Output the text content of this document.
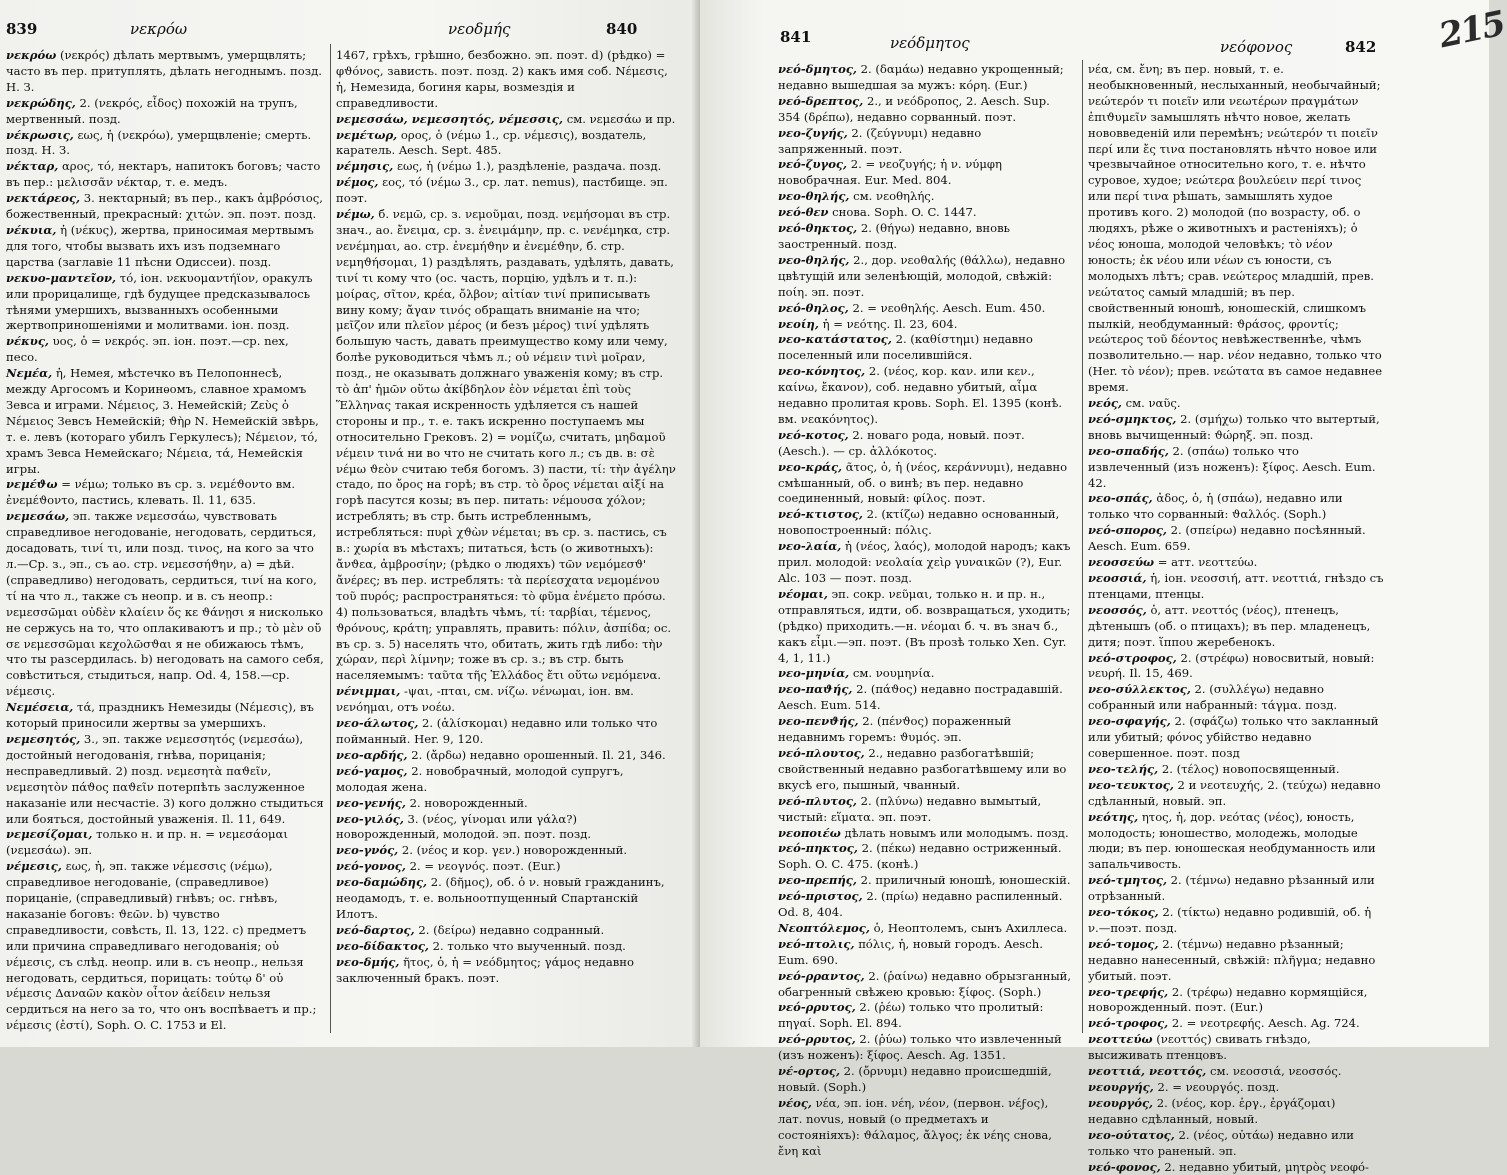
839	νεκρόω	νεοδμής	840

νεκρόω (νεκρός) дѣлать мертвымъ, умерщвлять; часто въ пер. притуплять, дѣлать негоднымъ. позд. Н. З.

νεκρώδης, 2. (νεκρός, εἶδος) похожій на трупъ, мертвенный. позд.

νέκρωσις, εως, ἡ (νεκρόω), умерщвленіе; смерть. позд. Н. З.

νέκταρ, αρος, τό, нектаръ, напитокъ боговъ; часто въ пер.: μελισσᾶν νέκταρ, т. е. медъ.

νεκτάρεος, 3. некταрный; въ пер., какъ ἀμβρόσιος, божественный, прекрасный: χιτών. эп. поэт. позд.

νέκυια, ἡ (νέκυς), жертва, приносимая мертвымъ для того, чтобы вызвать ихъ изъ подземнаго царства (заглавіе 11 пѣсни Одиссеи). позд.

νεκυο-μαντεῖον, τό, іон. νεκυομαντήϊον, оракулъ или прорицалище, гдѣ будущее предсказывалось тѣнями умершихъ, вызванныхъ особенными жертвоприношеніями и молитвами. іон. позд.

νέκυς, υος, ὁ = νεκρός. эп. іон. поэт.—ср. nex, песо.

Νεμέα, ἡ, Немея, мѣстечко въ Пелопоннесѣ, между Аргосомъ и Коринѳомъ, славное храмомъ Зевса и играми. Νέμειος, 3. Немейскій; Ζεὺς ὁ Νέμειος Зевсъ Немейскій; ϑὴρ Ν. Немейскій звѣрь, т. е. левъ (котораго убилъ Геркулесъ); Νέμειον, τό, храмъ Зевса Немейскаго; Νέμεια, τά, Немейскія игры.

νεμέϑω = νέμω; только въ ср. з. νεμέϑοντο вм. ἐνεμέϑοντο, пастись, клевать. Il. 11, 635.

νεμεσάω, эп. также νεμεσσάω, чувствовать справедливое негодованіе, негодовать, сердиться, досадовать, τινί τι, или позд. τινος, на кого за что л.—Ср. з., эп., съ ао. стр. νεμεσσήϑην, a) = дѣй. (справедливо) негодовать, сердиться, τινί на кого, τί на что л., также съ неопр. и в. съ неопр.: νεμεσσῶμαι οὐδὲν κλαίειν ὅς κε ϑάνῃσι я нисколько не сержусь на то, что оплакиваютъ и пр.; τὸ μὲν οὔ σε νεμεσσῶμαι κεχολῶσϑαι я не обижаюсь тѣмъ, что ты разсердилась. b) негодовать на самого себя, совѣститься, стыдиться, напр. Od. 4, 158.—ср. νέμεσις.

Νεμέσεια, τά, праздникъ Немезиды (Νέμεσις), въ который приносили жертвы за умершихъ.

νεμεσητός, 3., эп. также νεμεσσητός (νεμεσάω), достойный негодованія, гнѣва, порицанія; несправедливый. 2) позд. νεμεσητὰ παϑεῖν, νεμεσητὸν πάϑος παϑεῖν потерпѣть заслуженное наказаніе или несчастіе. 3) кого должно стыдиться или бояться, достойный уваженія. Il. 11, 649.

νεμεσίζομαι, только н. и пр. н. = νεμεσάομαι (νεμεσάω). эп.

νέμεσις, εως, ἡ, эп. также νέμεσσις (νέμω), справедливое негодованіе, (справедливое) порицаніе, (справедливый) гнѣвъ; ос. гнѣвъ, наказаніе боговъ: ϑεῶν. b) чувство справедливости, совѣсть, Il. 13, 122. c) предметъ или причина справедливаго негодованія; οὐ νέμεσις, съ слѣд. неопр. или в. съ неопр., нельзя негодовать, сердиться, порицать: τούτῳ δ' οὐ νέμεσις Δαναῶν κακὸν οἶτον ἀείδειν нельзя сердиться на него за то, что онъ воспѣваетъ и пр.; νέμεσις (ἐστί), Soph. O. C. 1753 и El.

1467, грѣхъ, грѣшно, безбожно. эп. поэт. d) (рѣдко) = φϑόνος, зависть. поэт. позд. 2) какъ имя соб. Νέμεσις, ἡ, Немезида, богиня кары, возмездія и справедливости.

νεμεσσάω, νεμεσσητός, νέμεσσις, см. νεμεσάω и пр.

νεμέτωρ, ορος, ὁ (νέμω 1., ср. νέμεσις), воздатель, каратель. Aesch. Sept. 485.

νέμησις, εως, ἡ (νέμω 1.), раздѣленіе, раздача. позд.

νέμος, εος, τό (νέμω 3., ср. лат. nemus), пастбище. эп. поэт.

νέμω, б. νεμῶ, ср. з. νεμοῦμαι, позд. νεμήσομαι въ стр. знач., ао. ἔνειμα, ср. з. ἐνειμάμην, пр. с. νενέμηκα, стр. νενέμημαι, ао. стр. ἐνεμήϑην и ἐνεμέϑην, б. стр. νεμηϑήσομαι, 1) раздѣлять, раздавать, удѣлять, давать, τινί τι кому что (ос. часть, порцію, удѣлъ и т. п.): μοίρας, σῖτον, κρέα, ὄλβον; αἰτίαν τινί приписывать вину кому; ἄγαν τινός обращать вниманіе на что; μεῖζον или πλεῖον μέρος (и безъ μέρος) τινί удѣлять большую часть, давать преимущество кому или чему, болѣе руководиться чѣмъ л.; οὐ νέμειν τινὶ μοῖραν, позд., не оказывать должнаго уваженія кому; въ стр. τὸ ἀπ' ἡμῶν οὕτω ἀκίβδηλον ἐὸν νέμεται ἐπὶ τοὺς Ἕλληνας такая искренность удѣляется съ нашей стороны и пр., т. е. такъ искренно поступаемъ мы относительно Грековъ. 2) = νομίζω, считать, μηδαμοῦ νέμειν τινά ни во что не считать кого л.; съ дв. в: σὲ νέμω ϑεὸν считаю тебя богомъ. 3) пасти, τί: τὴν ἀγέλην стадо, по ὄρος на горѣ; въ стр. τὸ ὄρος νέμεται αἰξί на горѣ пасутся козы; въ пер. питать: νέμουσα χόλον; истреблять; въ стр. быть истребленнымъ, истребляться: πυρὶ χϑὼν νέμεται; въ ср. з. пастись, съ в.: χωρία въ мѣстахъ; питаться, ѣсть (о животныхъ): ἄνϑεα, ἀμβροσίην; (рѣдко о людяхъ) τῶν νεμόμεσϑ' ἄνέρες; въ пер. истреблять: τὰ περίεσχατα νεμομένου τοῦ πυρός; распространяться: τὸ φῦμα ἐνέμετο πρόσω. 4) пользоваться, владѣть чѣмъ, τί: ταρβίαι, τέμενος, ϑρόνους, κράτη; управлять, править: πόλιν, ἀσπίδα; ос. въ ср. з. 5) населять что, обитать, жить гдѣ либо: τὴν χώραν, περὶ λίμνην; тоже въ ср. з.; въ стр. быть населяемымъ: ταῦτα τῆς Ἑλλάδος ἔτι οὕτω νεμόμενα.

νένιμμαι, -ψαι, -πται, см. νίζω. νένωμαι, іон. вм. νενόημαι, отъ νοέω.

νεο-άλωτος, 2. (ἁλίσκομαι) недавно или только что пойманный. Her. 9, 120.

νεο-αρδής, 2. (ἄρδω) недавно орошенный. Il. 21, 346.

νεό-γαμος, 2. новобрачный, молодой супругъ, молодая жена.

νεο-γενής, 2. новорожденный.

νεο-γιλός, 3. (νέος, γίνομαι или γάλα?) новорожденный, молодой. эп. поэт. позд.

νεο-γνός, 2. (νέος и кор. γεν.) новорожденный.

νεό-γονος, 2. = νεογνός. поэт. (Eur.)

νεο-δαμώδης, 2. (δῆμος), об. ὁ ν. новый гражданинъ, неодамодъ, т. е. вольноотпущенный Спартанскій Илотъ.

νεό-δαρτος, 2. (δείρω) недавно содранный.

νεο-δίδακτος, 2. только что выученный. позд.

νεο-δμής, ῆτος, ὁ, ἡ = νεόδμητος; γάμος недавно заключенный бракъ. поэт.

841	νεόδμητος	νεόφονος	842

νεό-δμητος, 2. (δαμάω) недавно укрощенный; недавно вышедшая за мужъ: κόρη. (Eur.)

νεό-δρεπτος, 2., и νεόδροπος, 2. Aesch. Sup. 354 (δρέπω), недавно сорванный. поэт.

νεο-ζυγής, 2. (ζεύγνυμι) недавно запряженный. поэт.

νεό-ζυγος, 2. = νεοζυγής; ἡ ν. νύμφη новобрачная. Eur. Med. 804.

νεο-θηλής, см. νεοθηλής.

νεό-θεν снова. Soph. O. C. 1447.

νεό-θηκτος, 2. (θήγω) недавно, вновь заостренный. позд.

νεο-θηλής, 2., дор. νεοθαλής (θάλλω), недавно цвѣтущій или зеленѣющій, молодой, свѣжій: ποίη. эп. поэт.

νεό-θηλος, 2. = νεοθηλής. Aesch. Eum. 450.

νεοίη, ἡ = νεότης. Il. 23, 604.

νεο-κατάστατος, 2. (καθίστημι) недавно поселенный или поселившійся.

νεο-κόνητος, 2. (νέος, кор. καν. или κεν., καίνω, ἔκανον), соб. недавно убитый, αἷμα недавно пролитая кровь. Soph. El. 1395 (конѣ. вм. νεακόνητος).

νεό-κοτος, 2. новаго рода, новый. поэт. (Aesch.). — ср. ἀλλόκοτος.

νεο-κράς, ᾶτος, ὁ, ἡ (νέος, κεράννυμι), недавно смѣшанный, об. о винѣ; въ пер. недавно соединенный, новый: φίλος. поэт.

νεό-κτιστος, 2. (κτίζω) недавно основанный, новопостроенный: πόλις.

νεο-λαία, ἡ (νέος, λαός), молодой народъ; какъ прил. молодой: νεολαία χεὶρ γυναικῶν (?), Eur. Alc. 103 — поэт. позд.

νέομαι, эп. сокр. νεῦμαι, только н. и пр. н., отправляться, идти, об. возвращаться, уходить; (рѣдко) приходить.—н. νέομαι б. ч. въ знач б., какъ εἶμι.—эп. поэт. (Въ прозѣ только Xen. Cyr. 4, 1, 11.)

νεο-μηνία, см. νουμηνία.

νεο-παϑής, 2. (πάϑος) недавно пострадавшій. Aesch. Eum. 514.

νεο-πενϑής, 2. (πένϑος) пораженный недавнимъ горемъ: ϑυμός. эп.

νεό-πλουτος, 2., недавно разбогатѣвшій; свойственный недавно разбогатѣвшему или во вкусѣ его, пышный, чванный.

νεό-πλυτος, 2. (πλύνω) недавно вымытый, чистый: εἵματα. эп. поэт.

νεοποιέω дѣлать новымъ или молодымъ. позд.

νεό-πηκτος, 2. (πέκω) недавно остриженный. Soph. O. C. 475. (конѣ.)

νεο-πρεπής, 2. приличный юношѣ, юношескій.

νεό-πριστος, 2. (πρίω) недавно распиленный. Od. 8, 404.

Νεοπτόλεμος, ὁ, Неоптолемъ, сынъ Ахиллеса.

νεό-πτολις, πόλις, ἡ, новый городъ. Aesch. Eum. 690.

νεό-ρραντος, 2. (ῥαίνω) недавно обрызганный, обагренный свѣжею кровью: ξίφος. (Soph.)

νεό-ρρυτος, 2. (ῥέω) только что пролитый: πηγαί. Soph. El. 894.

νεό-ρρυτος, 2. (ῥύω) только что извлеченный (изъ ноженъ): ξίφος. Aesch. Ag. 1351.

νέ-ορτος, 2. (ὄρνυμι) недавно происшедшій, новый. (Soph.)

νέος, νέα, эп. іон. νέη, νέον, (первон. νέϝος), лат. novus, новый (о предметахъ и состояніяхъ): ϑάλαμος, ἄλγος; ἐκ νέης снова, ἔνη καὶ

νέα, см. ἔνη; въ пер. новый, т. е. необыкновенный, неслыханный, необычайный; νεώτερόν τι ποιεῖν или νεωτέρων πραγμάτων ἐπιϑυμεῖν замышлять нѣчто новое, желать нововведеній или перемѣнъ; νεώτερόν τι ποιεῖν περί или ἔς τινα постановлять нѣчто новое или чрезвычайное относительно кого, т. е. нѣчто суровое, худое; νεώτερα βουλεύειν περί τινος или περί τινα рѣшать, замышлять худое противъ кого. 2) молодой (по возрасту, об. о людяхъ, рѣже о животныхъ и растеніяхъ); ὁ νέος юноша, молодой человѣкъ; τὸ νέον юность; ἐκ νέου или νέων съ юности, съ молодыхъ лѣтъ; срав. νεώτερος младшій, прев. νεώτατος самый младшій; въ пер. свойственный юношѣ, юношескій, слишкомъ пылкій, необдуманный: ϑράσος, φροντίς; νεώτερος τοῦ δέοντος невѣжественнѣе, чѣмъ позволительно.— нар. νέον недавно, только что (Her. τὸ νέον); прев. νεώτατα въ самое недавнее время.

νεός, см. ναῦς.

νεό-σμηκτος, 2. (σμήχω) только что вытертый, вновь вычищенный: ϑώρηξ. эп. позд.

νεο-σπαδής, 2. (σπάω) только что извлеченный (изъ ноженъ): ξίφος. Aesch. Eum. 42.

νεο-σπάς, ἀδος, ὁ, ἡ (σπάω), недавно или только что сорванный: ϑαλλός. (Soph.)

νεό-σπορος, 2. (σπείρω) недавно посѣянный. Aesch. Eum. 659.

νεοσσεύω = атт. νεοττεύω.

νεοσσιά, ἡ, іон. νεοσσιή, атт. νεοττιά, гнѣздо съ птенцами, птенцы.

νεοσσός, ὁ, атт. νεοττός (νέος), птенецъ, дѣтенышъ (об. о птицахъ); въ пер. младенецъ, дитя; поэт. ἵππου жеребенокъ.

νεό-στροφος, 2. (στρέφω) новосвитый, новый: νευρή. Il. 15, 469.

νεο-σύλλεκτος, 2. (συλλέγω) недавно собранный или набранный: τάγμα. позд.

νεο-σφαγής, 2. (σφάζω) только что закланный или убитый; φόνος убійство недавно совершенное. поэт. позд

νεο-τελής, 2. (τέλος) новопосвященный.

νεο-τευκτος, 2 и νεοτευχής, 2. (τεύχω) недавно сдѣланный, новый. эп.

νεότης, ητος, ἡ, дор. νεότας (νέος), юность, молодость; юношество, молодежь, молодые люди; въ пер. юношеская необдуманность или запальчивость.

νεό-τμητος, 2. (τέμνω) недавно рѣзанный или отрѣзанный.

νεο-τόκος, 2. (τίκτω) недавно родившій, об. ἡ ν.—поэт. позд.

νεό-τομος, 2. (τέμνω) недавно рѣзанный; недавно нанесенный, свѣжій: πλῆγμα; недавно убитый. поэт.

νεο-τρεφής, 2. (τρέφω) недавно кормящійся, новорожденный. поэт. (Eur.)

νεό-τροφος, 2. = νεοτρεφής. Aesch. Ag. 724.

νεοττεύω (νεοττός) свивать гнѣздо, высиживать птенцовъ.

νεοττιά, νεοττός, см. νεοσσιά, νεοσσός.

νεουργής, 2. = νεουργός. позд.

νεουργός, 2. (νέος, кор. ἐργ., ἐργάζομαι) недавно сдѣланный, новый.

νεο-ούτατος, 2. (νέος, οὐτάω) недавно или только что раненый. эп.

νεό-φονος, 2. недавно убитый, μητρὸς νεοφό-

215
